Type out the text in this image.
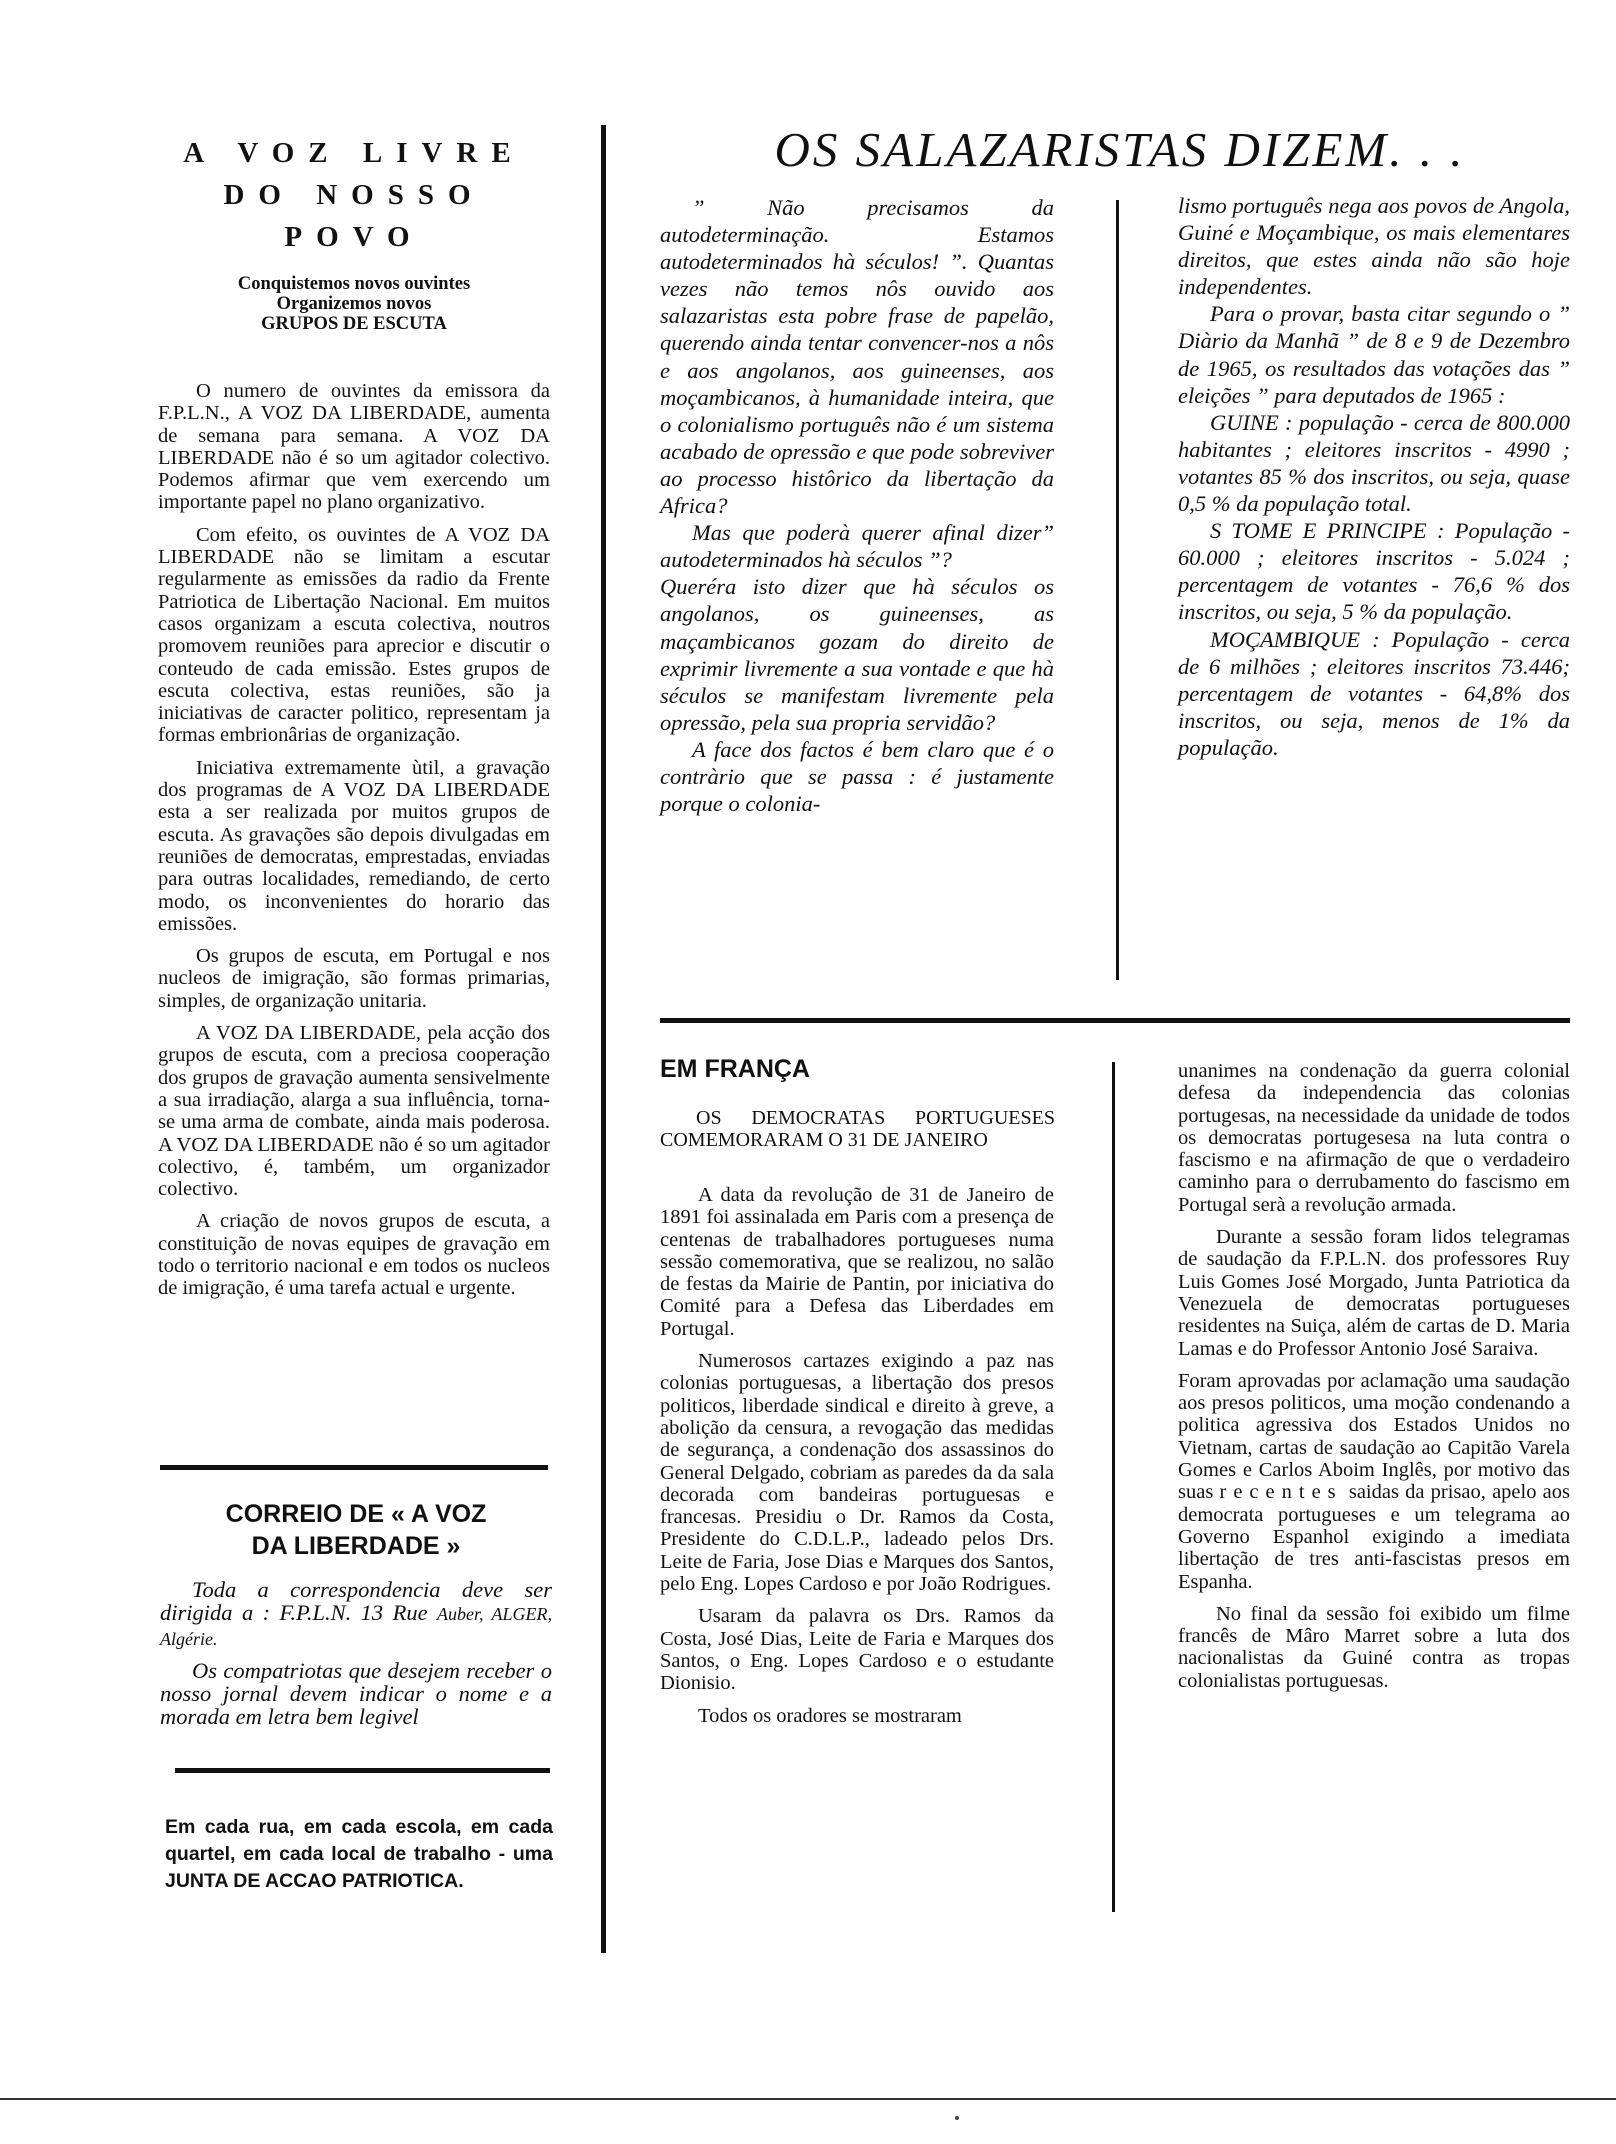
A VOZ LIVRE
DO NOSSO POVO
Conquistemos novos ouvintes
Organizemos novos
GRUPOS DE ESCUTA

O numero de ouvintes da emissora da F.P.L.N., A VOZ DA LIBERDADE, aumenta de semana para semana. A VOZ DA LIBERDADE não é so um agitador colectivo. Podemos afirmar que vem exercendo um importante papel no plano organizativo.

Com efeito, os ouvintes de A VOZ DA LIBERDADE não se limitam a escutar regularmente as emissões da radio da Frente Patriotica de Libertação Nacional. Em muitos casos organizam a escuta colectiva, noutros promovem reuniões para aprecior e discutir o conteudo de cada emissão. Estes grupos de escuta colectiva, estas reuniões, são ja iniciativas de caracter politico, representam ja formas embrionârias de organização.

Iniciativa extremamente ùtil, a gravação dos programas de A VOZ DA LIBERDADE esta a ser realizada por muitos grupos de escuta. As gravações são depois divulgadas em reuniões de democratas, emprestadas, enviadas para outras localidades, remediando, de certo modo, os inconvenientes do horario das emissões.

Os grupos de escuta, em Portugal e nos nucleos de imigração, são formas primarias, simples, de organização unitaria.

A VOZ DA LIBERDADE, pela acção dos grupos de escuta, com a preciosa cooperação dos grupos de gravação aumenta sensivelmente a sua irradiação, alarga a sua influência, torna-se uma arma de combate, ainda mais poderosa. A VOZ DA LIBERDADE não é so um agitador colectivo, é, também, um organizador colectivo.

A criação de novos grupos de escuta, a constituição de novas equipes de gravação em todo o territorio nacional e em todos os nucleos de imigração, é uma tarefa actual e urgente.

CORREIO DE « A VOZ
DA LIBERDADE »

Toda a correspondencia deve ser dirigida a : F.P.L.N. 13 Rue Auber, ALGER, Algérie.

Os compatriotas que desejem receber o nosso jornal devem indicar o nome e a morada em letra bem legivel

Em cada rua, em cada escola, em cada quartel, em cada local de trabalho - uma JUNTA DE ACCAO PATRIOTICA.
OS SALAZARISTAS DIZEM. . .

” Não precisamos da autodeterminação. Estamos autodeterminados hà séculos! ”. Quantas vezes não temos nôs ouvido aos salazaristas esta pobre frase de papelão, querendo ainda tentar convencer-nos a nôs e aos angolanos, aos guineenses, aos moçambicanos, à humanidade inteira, que o colonialismo português não é um sistema acabado de opressão e que pode sobreviver ao processo histôrico da libertação da Africa?

Mas que poderà querer afinal dizer” autodeterminados hà séculos ”?

Queréra isto dizer que hà séculos os angolanos, os guineenses, as maçambicanos gozam do direito de exprimir livremente a sua vontade e que hà séculos se manifestam livremente pela opressão, pela sua propria servidão?

A face dos factos é bem claro que é o contràrio que se passa : é justamente porque o colonia-

lismo português nega aos povos de Angola, Guiné e Moçambique, os mais elementares direitos, que estes ainda não são hoje independentes.

Para o provar, basta citar segundo o ” Diàrio da Manhã ” de 8 e 9 de Dezembro de 1965, os resultados das votações das ” eleições ” para deputados de 1965 :

GUINE : população - cerca de 800.000 habitantes ; eleitores inscritos - 4990 ; votantes 85 % dos inscritos, ou seja, quase 0,5 % da população total.

S TOME E PRINCIPE : População - 60.000 ; eleitores inscritos - 5.024 ; percentagem de votantes - 76,6 % dos inscritos, ou seja, 5 % da população.

MOÇAMBIQUE : População - cerca de 6 milhões ; eleitores inscritos 73.446; percentagem de votantes - 64,8% dos inscritos, ou seja, menos de 1% da população.

EM FRANÇA
OS DEMOCRATAS PORTUGUESES COMEMORARAM O 31 DE JANEIRO

A data da revolução de 31 de Janeiro de 1891 foi assinalada em Paris com a presença de centenas de trabalhadores portugueses numa sessão comemorativa, que se realizou, no salão de festas da Mairie de Pantin, por iniciativa do Comité para a Defesa das Liberdades em Portugal.

Numerosos cartazes exigindo a paz nas colonias portuguesas, a libertação dos presos politicos, liberdade sindical e direito à greve, a abolição da censura, a revogação das medidas de segurança, a condenação dos assassinos do General Delgado, cobriam as paredes da da sala decorada com bandeiras portuguesas e francesas. Presidiu o Dr. Ramos da Costa, Presidente do C.D.L.P., ladeado pelos Drs. Leite de Faria, Jose Dias e Marques dos Santos, pelo Eng. Lopes Cardoso e por João Rodrigues.

Usaram da palavra os Drs. Ramos da Costa, José Dias, Leite de Faria e Marques dos Santos, o Eng. Lopes Cardoso e o estudante Dionisio.

Todos os oradores se mostraram

unanimes na condenação da guerra colonial defesa da independencia das colonias portugesas, na necessidade da unidade de todos os democratas portugesesa na luta contra o fascismo e na afirmação de que o verdadeiro caminho para o derrubamento do fascismo em Portugal serà a revolução armada.

Durante a sessão foram lidos telegramas de saudação da F.P.L.N. dos professores Ruy Luis Gomes José Morgado, Junta Patriotica da Venezuela de democratas portugueses residentes na Suiça, além de cartas de D. Maria Lamas e do Professor Antonio José Saraiva.

Foram aprovadas por aclamação uma saudação aos presos politicos, uma moção condenando a politica agressiva dos Estados Unidos no Vietnam, cartas de saudação ao Capitão Varela Gomes e Carlos Aboim Inglês, por motivo das suas recentes saidas da prisao, apelo aos democrata portugueses e um telegrama ao Governo Espanhol exigindo a imediata libertação de tres anti-fascistas presos em Espanha.

No final da sessão foi exibido um filme francês de Mâro Marret sobre a luta dos nacionalistas da Guiné contra as tropas colonialistas portuguesas.
